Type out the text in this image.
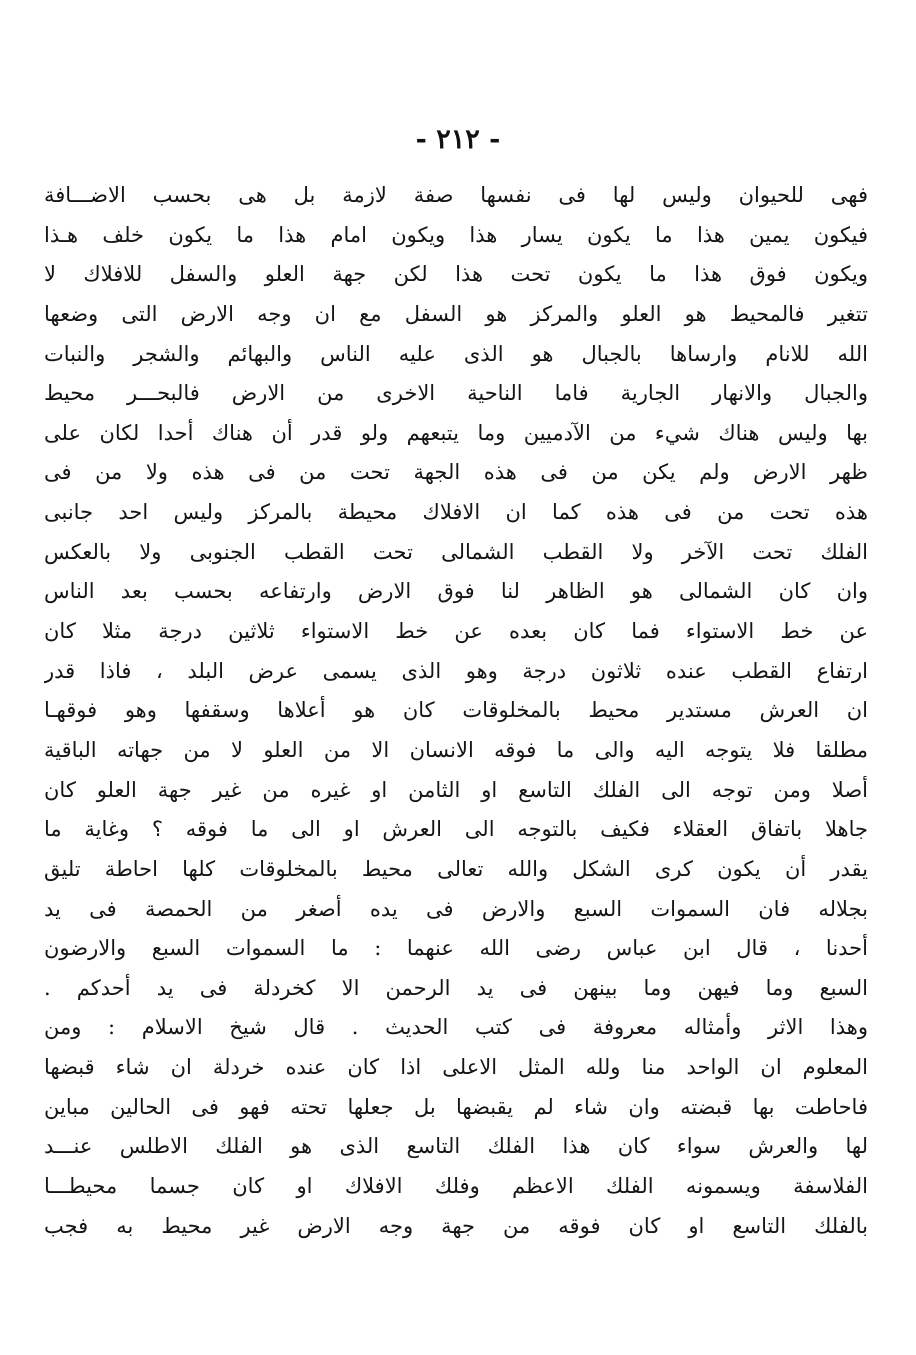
- ٢١٢ -
فهى للحيوان وليس لها فى نفسها صفة لازمة بل هى بحسب الاضـــافة
فيكون يمين هذا ما يكون يسار هذا ويكون امام هذا ما يكون خلف هـذا
ويكون فوق هذا ما يكون تحت هذا لكن جهة العلو والسفل للافلاك لا
تتغير فالمحيط هو العلو والمركز هو السفل مع ان وجه الارض التى وضعها
الله للانام وارساها بالجبال هو الذى عليه الناس والبهائم والشجر والنبات
والجبال والانهار الجارية فاما الناحية الاخرى من الارض فالبحـــر محيط
بها وليس هناك شيء من الآدميين وما يتبعهم ولو قدر أن هناك أحدا لكان على
ظهر الارض ولم يكن من فى هذه الجهة تحت من فى هذه ولا من فى
هذه تحت من فى هذه كما ان الافلاك محيطة بالمركز وليس احد جانبى
الفلك تحت الآخر ولا القطب الشمالى تحت القطب الجنوبى ولا بالعكس
وان كان الشمالى هو الظاهر لنا فوق الارض وارتفاعه بحسب بعد الناس
عن خط الاستواء فما كان بعده عن خط الاستواء ثلاثين درجة مثلا كان
ارتفاع القطب عنده ثلاثون درجة وهو الذى يسمى عرض البلد ، فاذا قدر
ان العرش مستدير محيط بالمخلوقات كان هو أعلاها وسقفها وهو فوقهـا
مطلقا فلا يتوجه اليه والى ما فوقه الانسان الا من العلو لا من جهاته الباقية
أصلا ومن توجه الى الفلك التاسع او الثامن او غيره من غير جهة العلو كان
جاهلا باتفاق العقلاء فكيف بالتوجه الى العرش او الى ما فوقه ؟ وغاية ما
يقدر أن يكون كرى الشكل والله تعالى محيط بالمخلوقات كلها احاطة تليق
بجلاله فان السموات السبع والارض فى يده أصغر من الحمصة فى يد
أحدنا ، قال ابن عباس رضى الله عنهما : ما السموات السبع والارضون
السبع وما فيهن وما بينهن فى يد الرحمن الا كخردلة فى يد أحدكم .
وهذا الاثر وأمثاله معروفة فى كتب الحديث . قال شيخ الاسلام : ومن
المعلوم ان الواحد منا ولله المثل الاعلى اذا كان عنده خردلة ان شاء قبضها
فاحاطت بها قبضته وان شاء لم يقبضها بل جعلها تحته فهو فى الحالين مباين
لها والعرش سواء كان هذا الفلك التاسع الذى هو الفلك الاطلس عنـــد
الفلاسفة ويسمونه الفلك الاعظم وفلك الافلاك او كان جسما محيطـــا
بالفلك التاسع او كان فوقه من جهة وجه الارض غير محيط به فجب
